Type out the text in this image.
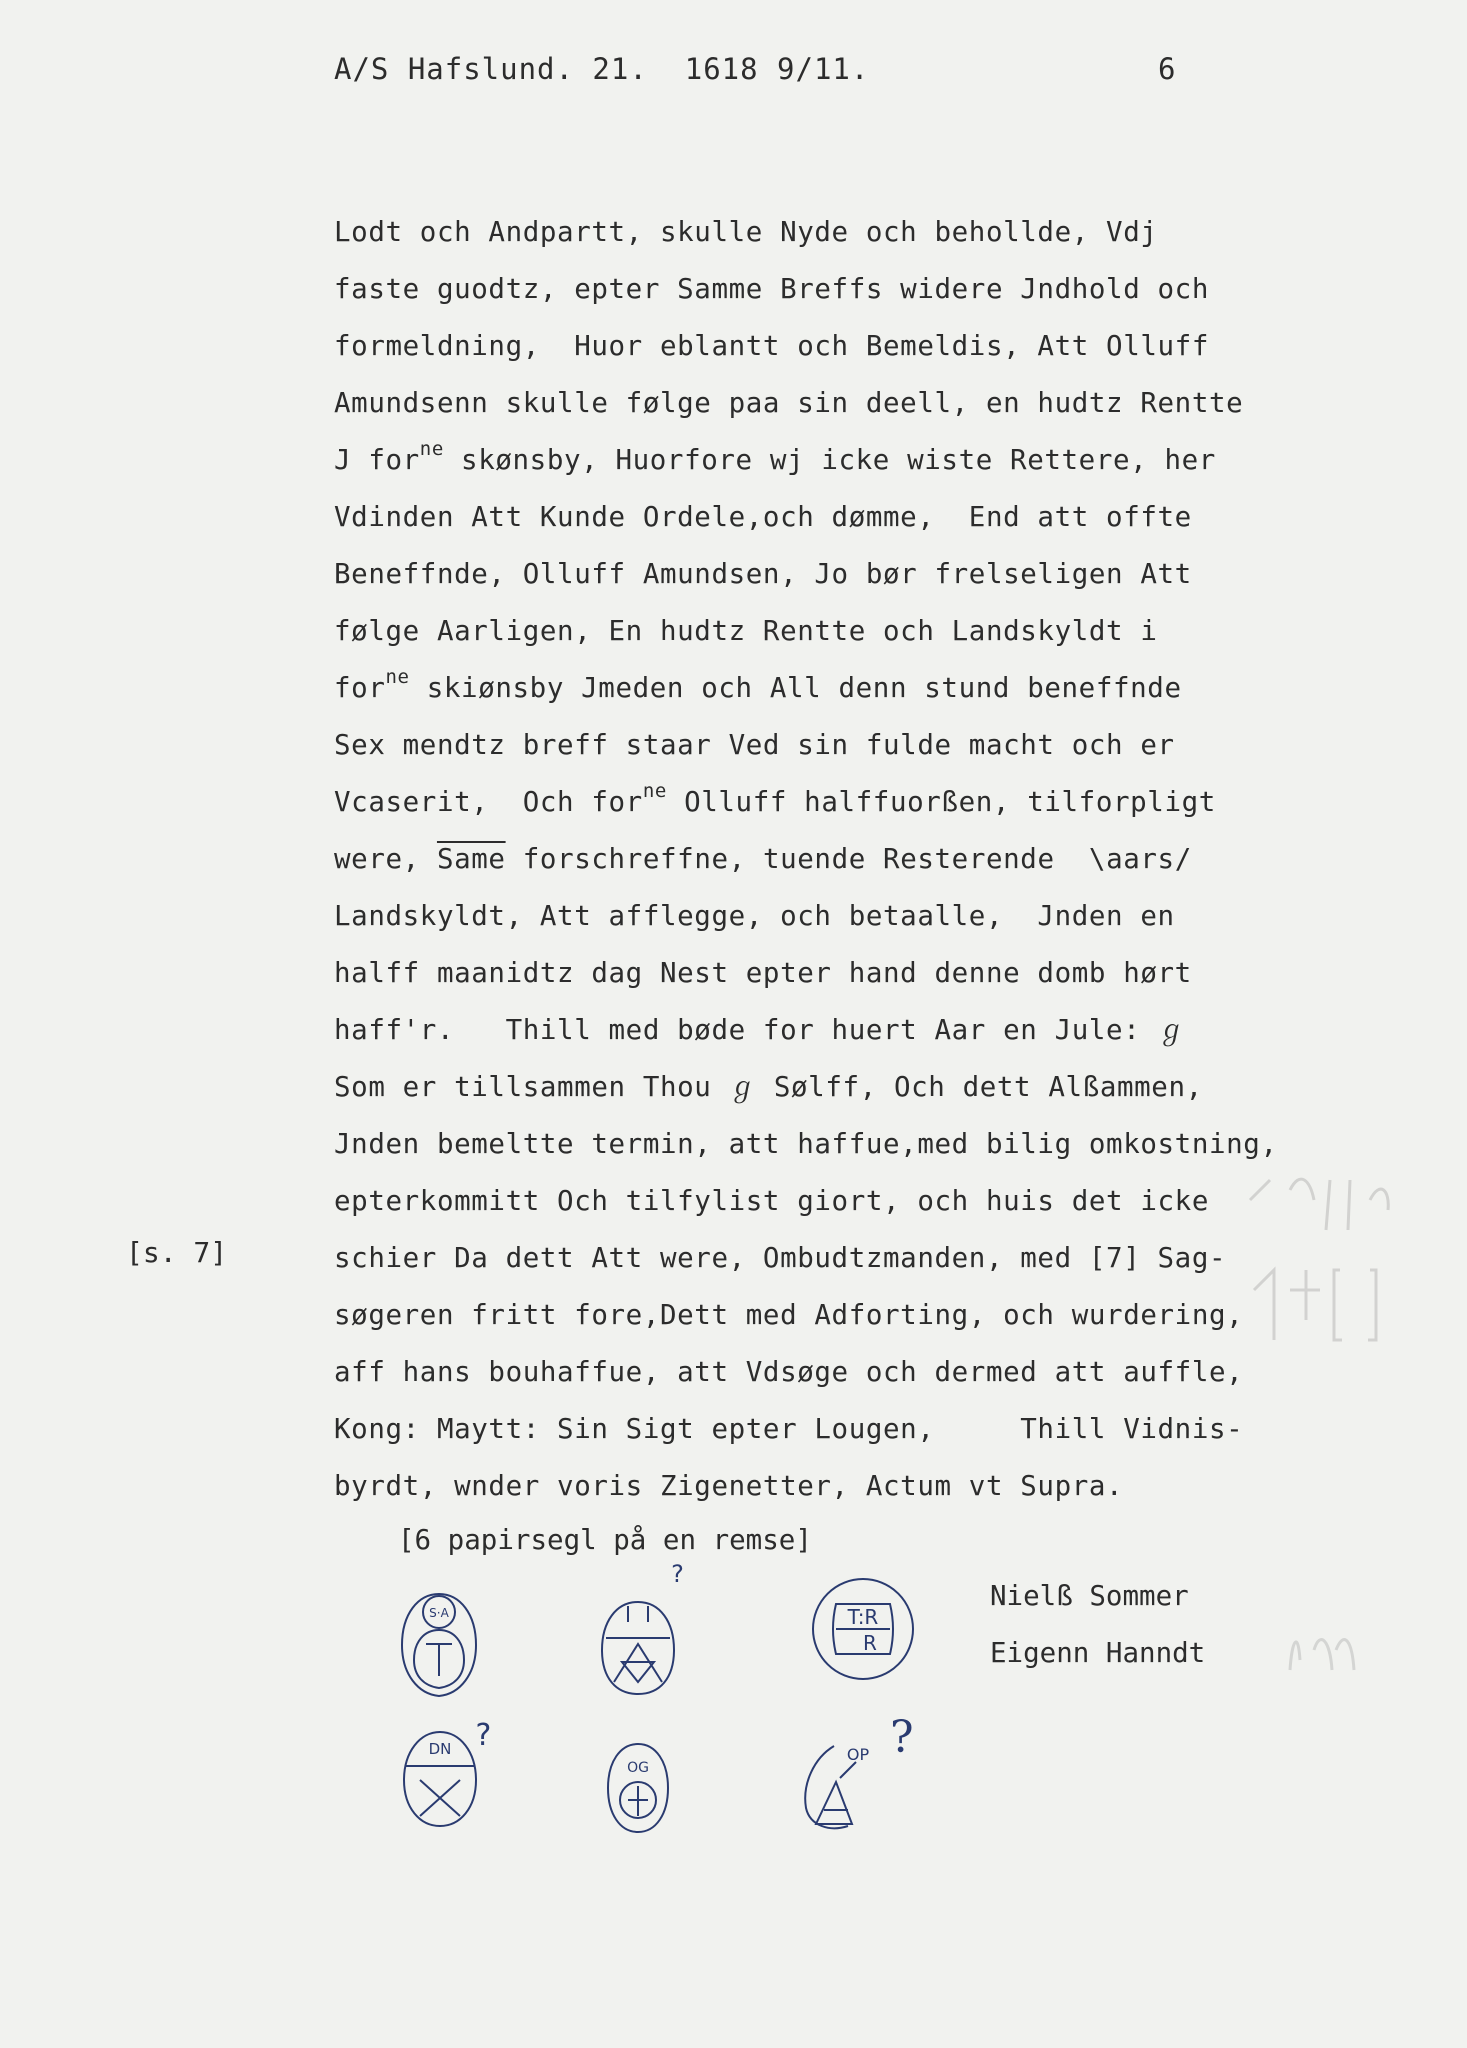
A/S Hafslund. 21.  1618 9/11.	6
Lodt och Andpartt, skulle Nyde och behollde, Vdj
faste guodtz, epter Samme Breffs widere Jndhold och
formeldning,  Huor eblantt och Bemeldis, Att Olluff
Amundsenn skulle følge paa sin deell, en hudtz Rentte
J for$^{ne}$ skønsby, Huorfore wj icke wiste Rettere, her
Vdinden Att Kunde Ordele,och dømme,  End att offte
Beneffnde, Olluff Amundsen, Jo bør frelseligen Att
følge Aarligen, En hudtz Rentte och Landskyldt i
for$^{ne}$ skiønsby Jmeden och All denn stund beneffnde
Sex mendtz breff staar Ved sin fulde macht och er
Vcaserit,  Och for$^{ne}$ Olluff halffuorßen, tilforpligt
were, Same forschreffne, tuende Resterende  \aars/
Landskyldt, Att afflegge, och betaalle,  Jnden en
halff maanidtz dag Nest epter hand denne domb hørt
haff'r.   Thill med bøde for huert Aar en Jule: ℊ
Som er tillsammen Thou ℊ Sølff, Och dett Alßammen,
Jnden bemeltte termin, att haffue,med bilig omkostning,
epterkommitt Och tilfylist giort, och huis det icke
schier Da dett Att were, Ombudtzmanden, med [7] Sag-
søgeren fritt fore,Dett med Adforting, och wurdering,
aff hans bouhaffue, att Vdsøge och dermed att auffle,
Kong: Maytt: Sin Sigt epter Lougen,     Thill Vidnis-
byrdt, wnder voris Zigenetter, Actum vt Supra.
[s. 7]
[6 papirsegl på en remse]
Nielß Sommer
Eigenn Hanndt
S·A	T:R
R
DN
OG
OP
?
?	?
